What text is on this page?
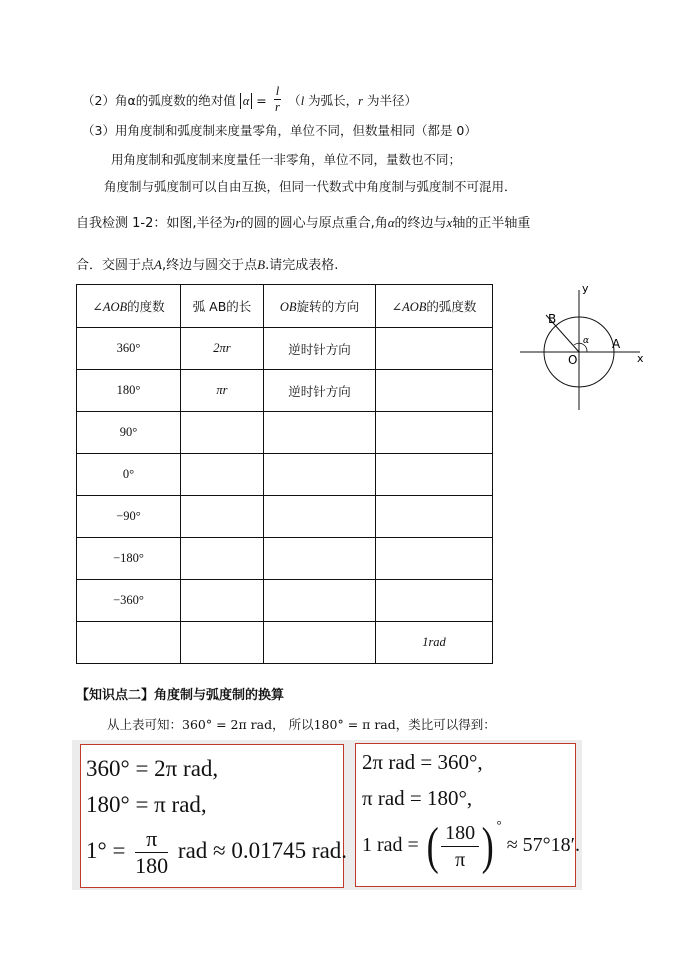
（2）角α的弧度数的绝对值 $\alpha = \frac{l}{r} (l$ 为弧长，r 为半径）
（3）用角度制和弧度制来度量零角，单位不同，但数量相同（都是 0）
用角度制和弧度制来度量任一非零角，单位不同，量数也不同；
角度制与弧度制可以自由互换，但同一代数式中角度制与弧度制不可混用．
自我检测 1-2：如图,半径为r的圆的圆心与原点重合,角α的终边与x轴的正半轴重
合．交圆于点A,终边与圆交于点B.请完成表格.
∠AOB的度数	弧 AB的长	OB旋转的方向	∠AOB的弧度数
360°	2πr	逆时针方向	
180°	πr	逆时针方向	
90°			
0°			
−90°			
−180°			
−360°			
			1rad
y
x
B
A
O
α
【知识点二】角度制与弧度制的换算
从上表可知：360° = 2π rad， 所以180° = π rad，类比可以得到：
360° = 2π rad,
180° = π rad,
$1^\circ = \frac{\pi}{180}$ rad ≈ 0.01745 rad.
2π rad = 360°,
π rad = 180°,
1 rad = ( $\frac{180}{\pi}$ ) ° ≈ 57°18′.
